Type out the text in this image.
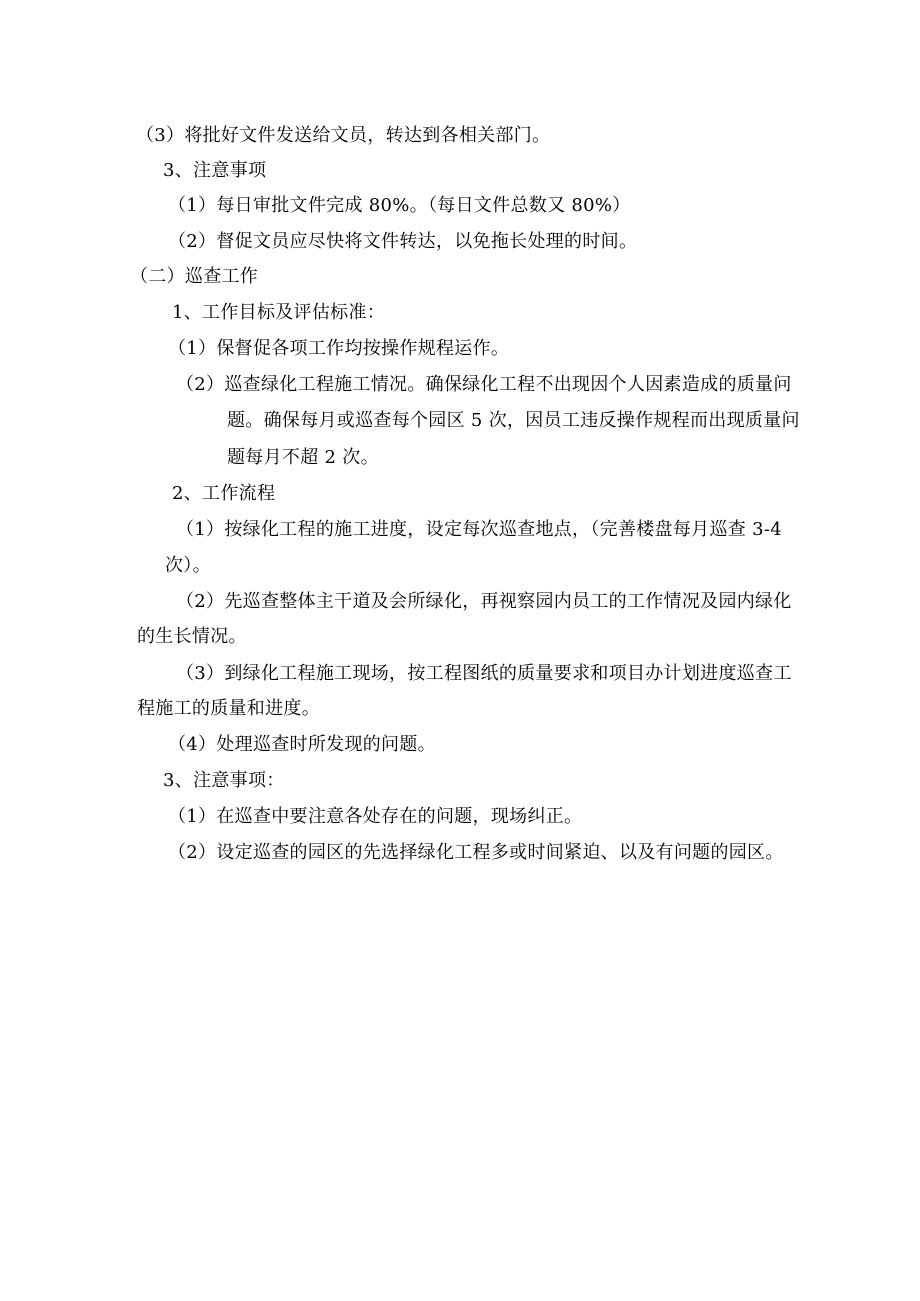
（3）将批好文件发送给文员，转达到各相关部门。
3、注意事项
（1）每日审批文件完成 80%。（每日文件总数又 80%）
（2）督促文员应尽快将文件转达，以免拖长处理的时间。
（二）巡查工作
1、工作目标及评估标准：
（1）保督促各项工作均按操作规程运作。
（2）巡查绿化工程施工情况。确保绿化工程不出现因个人因素造成的质量问
题。确保每月或巡查每个园区 5 次，因员工违反操作规程而出现质量问
题每月不超 2 次。
2、工作流程
（1）按绿化工程的施工进度，设定每次巡查地点，（完善楼盘每月巡查 3-4
次）。
（2）先巡查整体主干道及会所绿化，再视察园内员工的工作情况及园内绿化
的生长情况。
（3）到绿化工程施工现场，按工程图纸的质量要求和项目办计划进度巡查工
程施工的质量和进度。
（4）处理巡查时所发现的问题。
3、注意事项：
（1）在巡查中要注意各处存在的问题，现场纠正。
（2）设定巡查的园区的先选择绿化工程多或时间紧迫、以及有问题的园区。
